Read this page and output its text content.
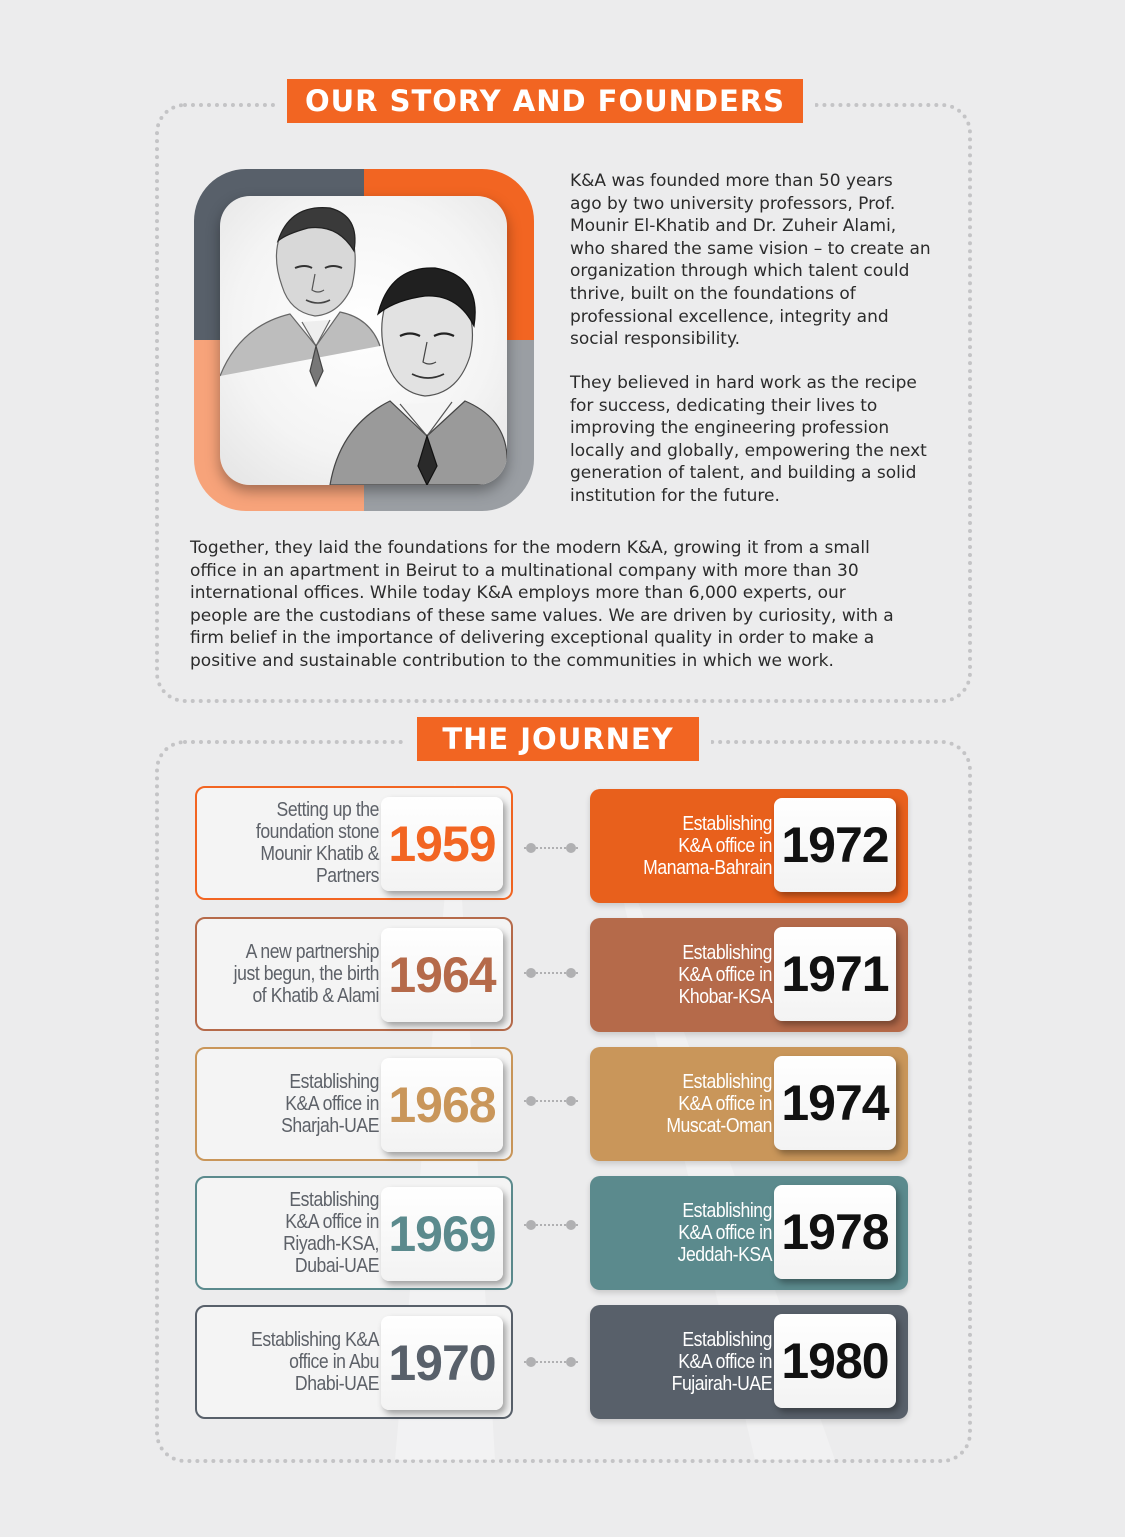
OUR STORY AND FOUNDERS

K&A was founded more than 50 years
ago by two university professors, Prof.
Mounir El-Khatib and Dr. Zuheir Alami,
who shared the same vision – to create an
organization through which talent could
thrive, built on the foundations of
professional excellence, integrity and
social responsibility.

They believed in hard work as the recipe
for success, dedicating their lives to
improving the engineering profession
locally and globally, empowering the next
generation of talent, and building a solid
institution for the future.

Together, they laid the foundations for the modern K&A, growing it from a small
office in an apartment in Beirut to a multinational company with more than 30
international offices. While today K&A employs more than 6,000 experts, our
people are the custodians of these same values. We are driven by curiosity, with a
firm belief in the importance of delivering exceptional quality in order to make a
positive and sustainable contribution to the communities in which we work.

THE JOURNEY
Setting up the
foundation stone
Mounir Khatib &
Partners
1959
A new partnership
just begun, the birth
of Khatib & Alami 1964
Establishing
K&A office in
Sharjah-UAE 1968
Establishing
K&A office in
Riyadh-KSA,
Dubai-UAE
1969
Establishing K&A
office in Abu
Dhabi-UAE 1970
Establishing
K&A office in
Manama-Bahrain 1972
Establishing
K&A office in
Khobar-KSA 1971
Establishing
K&A office in
Muscat-Oman 1974
Establishing
K&A office in
Jeddah-KSA 1978
Establishing
K&A office in
Fujairah-UAE 1980
